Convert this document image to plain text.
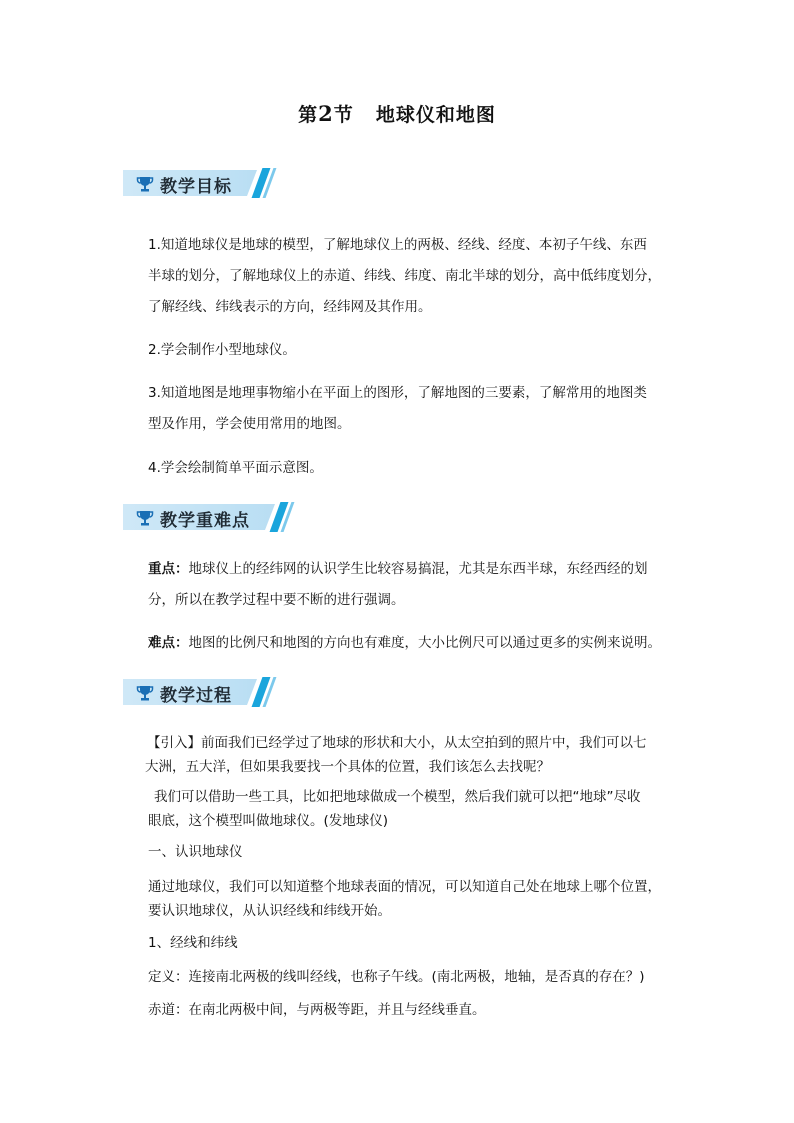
第2节 地球仪和地图
教学目标
1.知道地球仪是地球的模型，了解地球仪上的两极、经线、经度、本初子午线、东西
半球的划分，了解地球仪上的赤道、纬线、纬度、南北半球的划分，高中低纬度划分，
了解经线、纬线表示的方向，经纬网及其作用。
2.学会制作小型地球仪。
3.知道地图是地理事物缩小在平面上的图形，了解地图的三要素，了解常用的地图类
型及作用，学会使用常用的地图。
4.学会绘制简单平面示意图。
教学重难点
重点：地球仪上的经纬网的认识学生比较容易搞混，尤其是东西半球，东经西经的划
分，所以在教学过程中要不断的进行强调。
难点：地图的比例尺和地图的方向也有难度，大小比例尺可以通过更多的实例来说明。
教学过程
【引入】前面我们已经学过了地球的形状和大小，从太空拍到的照片中，我们可以七
大洲，五大洋，但如果我要找一个具体的位置，我们该怎么去找呢？
我们可以借助一些工具，比如把地球做成一个模型，然后我们就可以把“地球”尽收
眼底，这个模型叫做地球仪。(发地球仪)
一、认识地球仪
通过地球仪，我们可以知道整个地球表面的情况，可以知道自己处在地球上哪个位置，
要认识地球仪，从认识经线和纬线开始。
1、经线和纬线
定义：连接南北两极的线叫经线，也称子午线。(南北两极，地轴，是否真的存在？)
赤道：在南北两极中间，与两极等距，并且与经线垂直。
